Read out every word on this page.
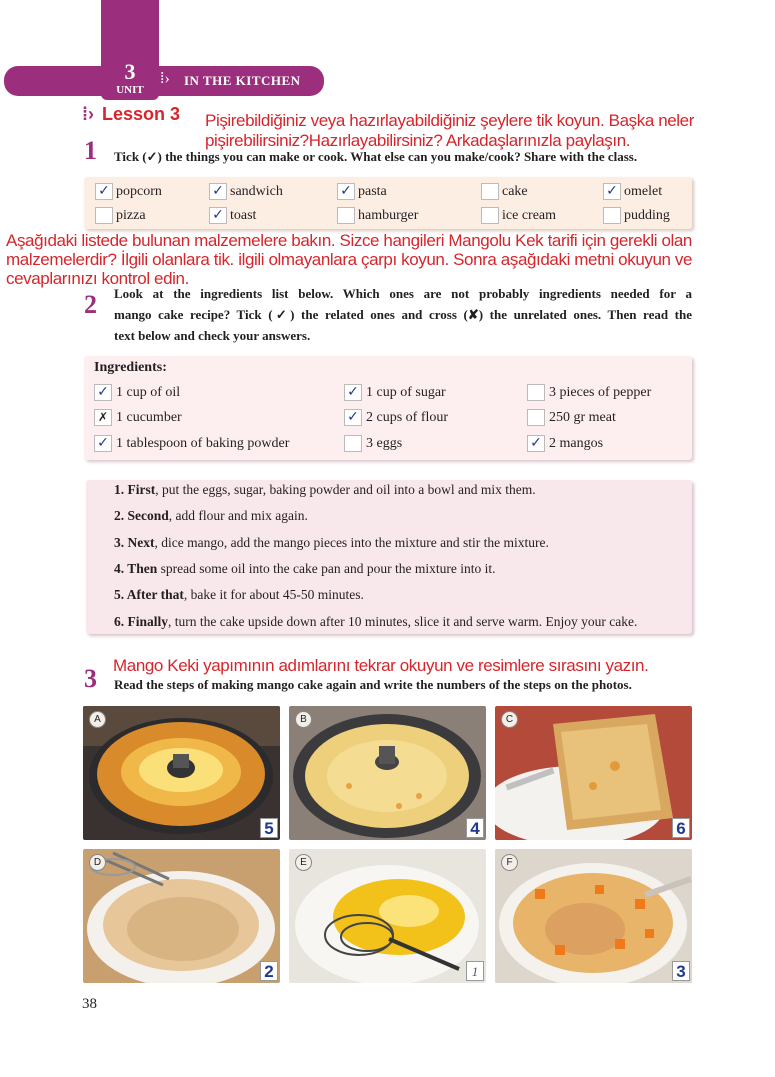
3
UNIT
⁞› IN THE KITCHEN
⁞› Lesson 3 Pişirebildiğiniz veya hazırlayabildiğiniz şeylere tik koyun. Başka neler
pişirebilirsiniz?Hazırlayabilirsiniz? Arkadaşlarınızla paylaşın.
1 Tick (✓) the things you can make or cook. What else can you make/cook? Share with the class.
✓ popcorn	✓ sandwich	✓ pasta	cake	✓ omelet
pizza	✓ toast	hamburger	ice cream	pudding
Aşağıdaki listede bulunan malzemelere bakın. Sizce hangileri Mangolu Kek tarifi için gerekli olan
malzemelerdir? İlgili olanlara tik. ilgili olmayanlara çarpı koyun. Sonra aşağıdaki metni okuyun ve
cevaplarınızı kontrol edin.
2 Look at the ingredients list below. Which ones are not probably ingredients needed for a
mango cake recipe? Tick (✓) the related ones and cross (✘) the unrelated ones. Then read the
text below and check your answers.
Ingredients:
✓ 1 cup of oil	✓ 1 cup of sugar	3 pieces of pepper
✗ 1 cucumber	✓ 2 cups of flour	250 gr meat
✓ 1 tablespoon of baking powder	3 eggs	✓ 2 mangos
1. First, put the eggs, sugar, baking powder and oil into a bowl and mix them.
2. Second, add flour and mix again.
3. Next, dice mango, add the mango pieces into the mixture and stir the mixture.
4. Then spread some oil into the cake pan and pour the mixture into it.
5. After that, bake it for about 45-50 minutes.
6. Finally, turn the cake upside down after 10 minutes, slice it and serve warm. Enjoy your cake.
Mango Keki yapımının adımlarını tekrar okuyun ve resimlere sırasını yazın.
3 Read the steps of making mango cake again and write the numbers of the steps on the photos.
A
5
B
4
C
6
D
2
E
1
F
3
38
